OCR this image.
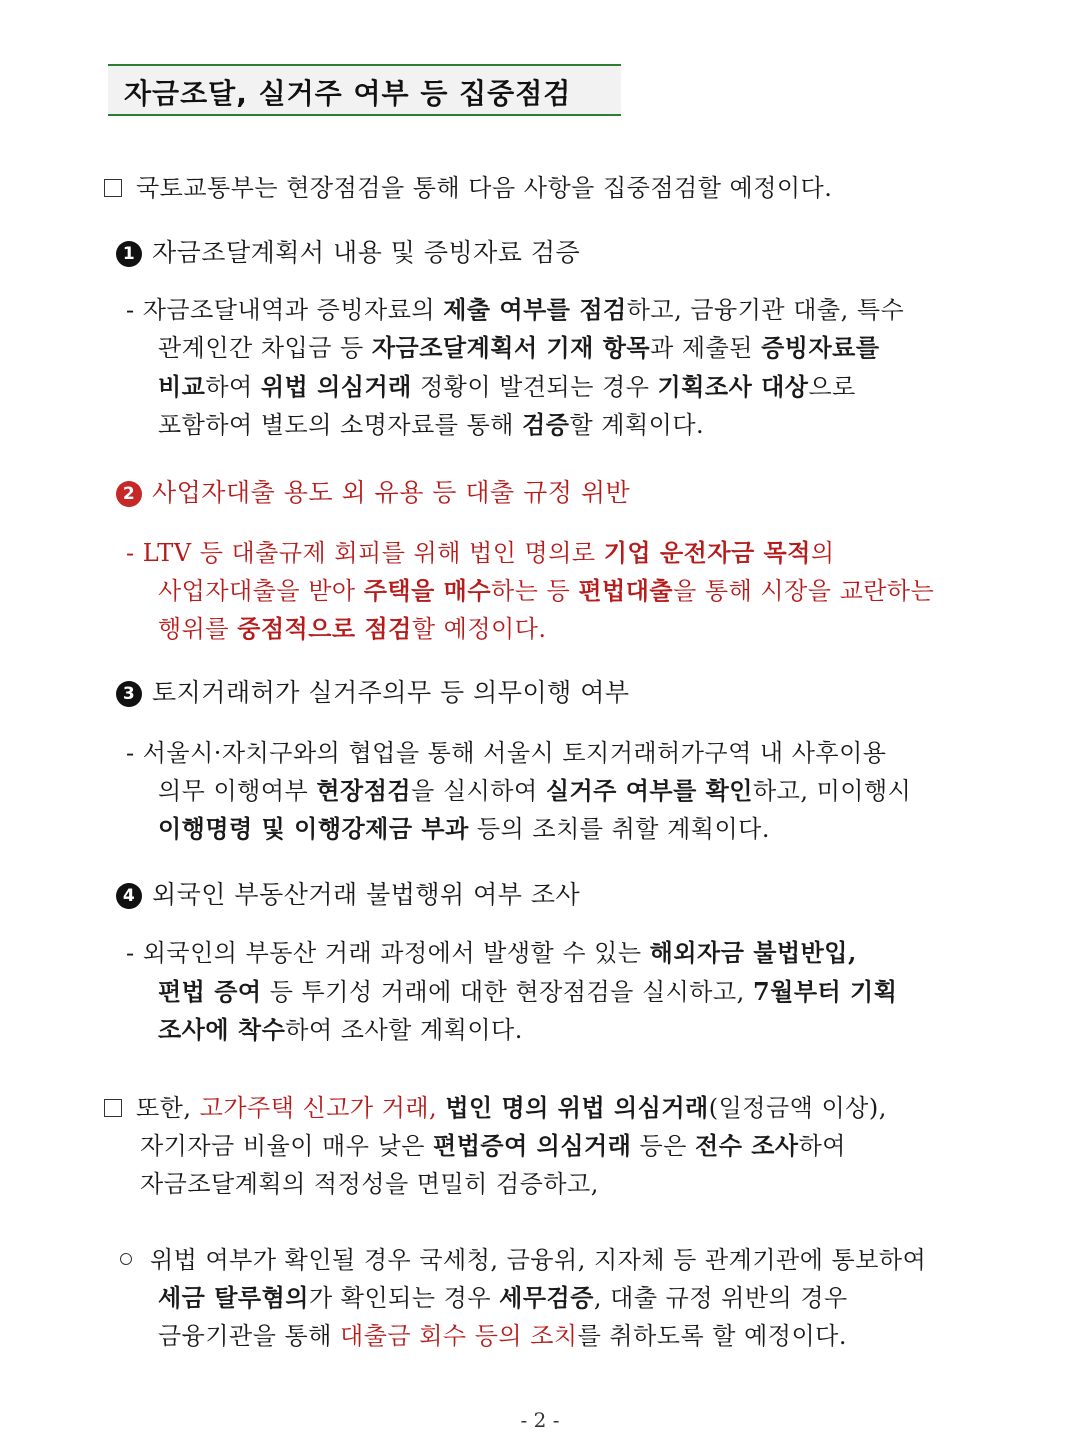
자금조달, 실거주 여부 등 집중점검
국토교통부는 현장점검을 통해 다음 사항을 집중점검할 예정이다.
1 자금조달계획서 내용 및 증빙자료 검증
- 자금조달내역과 증빙자료의 제출 여부를 점검하고, 금융기관 대출, 특수
관계인간 차입금 등 자금조달계획서 기재 항목과 제출된 증빙자료를
비교하여 위법 의심거래 정황이 발견되는 경우 기획조사 대상으로
포함하여 별도의 소명자료를 통해 검증할 계획이다.
2 사업자대출 용도 외 유용 등 대출 규정 위반
- LTV 등 대출규제 회피를 위해 법인 명의로 기업 운전자금 목적의
사업자대출을 받아 주택을 매수하는 등 편법대출을 통해 시장을 교란하는
행위를 중점적으로 점검할 예정이다.
3 토지거래허가 실거주의무 등 의무이행 여부
- 서울시·자치구와의 협업을 통해 서울시 토지거래허가구역 내 사후이용
의무 이행여부 현장점검을 실시하여 실거주 여부를 확인하고, 미이행시
이행명령 및 이행강제금 부과 등의 조치를 취할 계획이다.
4 외국인 부동산거래 불법행위 여부 조사
- 외국인의 부동산 거래 과정에서 발생할 수 있는 해외자금 불법반입,
편법 증여 등 투기성 거래에 대한 현장점검을 실시하고, 7월부터 기획
조사에 착수하여 조사할 계획이다.
또한, 고가주택 신고가 거래, 법인 명의 위법 의심거래(일정금액 이상),
자기자금 비율이 매우 낮은 편법증여 의심거래 등은 전수 조사하여
자금조달계획의 적정성을 면밀히 검증하고,
위법 여부가 확인될 경우 국세청, 금융위, 지자체 등 관계기관에 통보하여
세금 탈루혐의가 확인되는 경우 세무검증, 대출 규정 위반의 경우
금융기관을 통해 대출금 회수 등의 조치를 취하도록 할 예정이다.
- 2 -
